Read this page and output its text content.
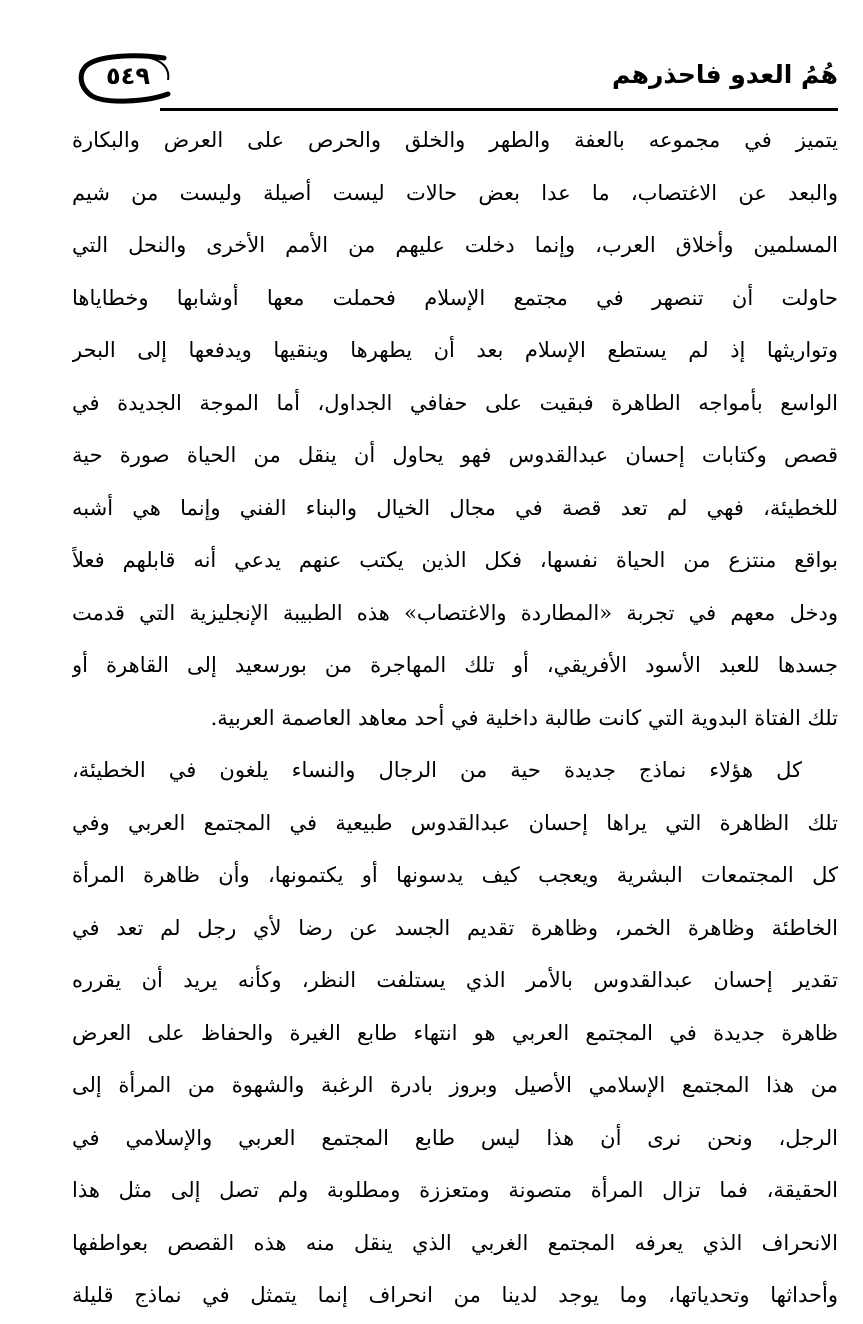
٥٤٩	هُمُ العدو فاحذرهم
يتميز في مجموعه بالعفة والطهر والخلق والحرص على العرض والبكارة
والبعد عن الاغتصاب، ما عدا بعض حالات ليست أصيلة وليست من شيم
المسلمين وأخلاق العرب، وإنما دخلت عليهم من الأمم الأخرى والنحل التي
حاولت أن تنصهر في مجتمع الإسلام فحملت معها أوشابها وخطاياها
وتواريثها إذ لم يستطع الإسلام بعد أن يطهرها وينقيها ويدفعها إلى البحر
الواسع بأمواجه الطاهرة فبقيت على حفافي الجداول، أما الموجة الجديدة في
قصص وكتابات إحسان عبدالقدوس فهو يحاول أن ينقل من الحياة صورة حية
للخطيئة، فهي لم تعد قصة في مجال الخيال والبناء الفني وإنما هي أشبه
بواقع منتزع من الحياة نفسها، فكل الذين يكتب عنهم يدعي أنه قابلهم فعلاً
ودخل معهم في تجربة «المطاردة والاغتصاب» هذه الطبيبة الإنجليزية التي قدمت
جسدها للعبد الأسود الأفريقي، أو تلك المهاجرة من بورسعيد إلى القاهرة أو
تلك الفتاة البدوية التي كانت طالبة داخلية في أحد معاهد العاصمة العربية.
كل هؤلاء نماذج جديدة حية من الرجال والنساء يلغون في الخطيئة،
تلك الظاهرة التي يراها إحسان عبدالقدوس طبيعية في المجتمع العربي وفي
كل المجتمعات البشرية ويعجب كيف يدسونها أو يكتمونها، وأن ظاهرة المرأة
الخاطئة وظاهرة الخمر، وظاهرة تقديم الجسد عن رضا لأي رجل لم تعد في
تقدير إحسان عبدالقدوس بالأمر الذي يستلفت النظر، وكأنه يريد أن يقرره
ظاهرة جديدة في المجتمع العربي هو انتهاء طابع الغيرة والحفاظ على العرض
من هذا المجتمع الإسلامي الأصيل وبروز بادرة الرغبة والشهوة من المرأة إلى
الرجل، ونحن نرى أن هذا ليس طابع المجتمع العربي والإسلامي في
الحقيقة، فما تزال المرأة متصونة ومتعززة ومطلوبة ولم تصل إلى مثل هذا
الانحراف الذي يعرفه المجتمع الغربي الذي ينقل منه هذه القصص بعواطفها
وأحداثها وتحدياتها، وما يوجد لدينا من انحراف إنما يتمثل في نماذج قليلة
